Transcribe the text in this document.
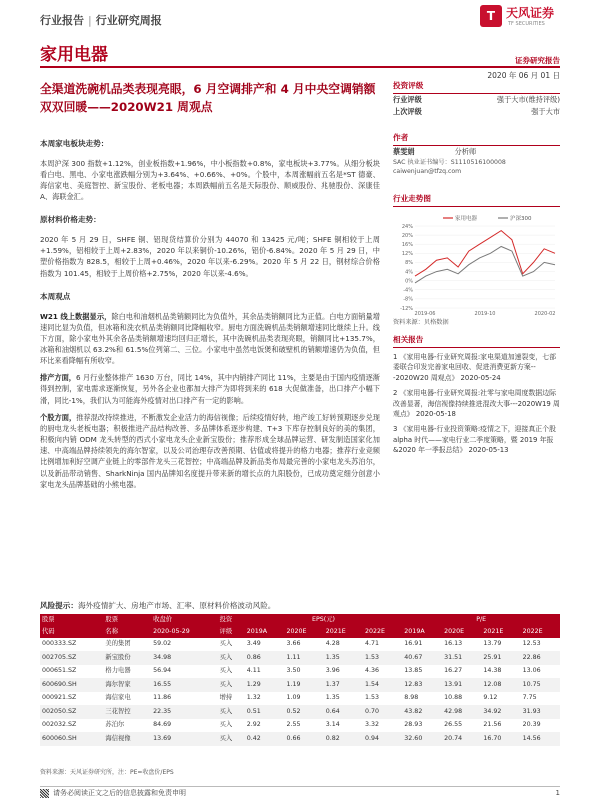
行业报告 | 行业研究周报	T 天风证券
TF SECURITIES
家用电器	证券研究报告
2020 年 06 月 01 日
全渠道洗碗机品类表现亮眼，6 月空调排产和 4 月中央空调销额双双回暖——2020W21 周观点
本周家电板块走势：
本周沪深 300 指数+1.12%，创业板指数+1.96%，中小板指数+0.8%，家电板块+3.77%。从细分板块看白电、黑电、小家电涨跌幅分别为+3.64%、+0.66%、+0%。个股中，本周涨幅前五名是*ST 德豪、海信家电、美庭智控、新宝股份、老板电器；本周跌幅前五名是天际股份、顺威股份、兆驰股份、深康佳 A、海联金汇。
原材料价格走势：
2020 年 5 月 29 日，SHFE 铜、铝现货结算价分别为 44070 和 13425 元/吨；SHFE 铜相较于上周+1.59%，铝相较于上周+2.83%，2020 年以来铜价-10.26%，铝价-6.84%。2020 年 5 月 29 日，中塑价格指数为 828.5，相较于上周+0.46%，2020 年以来-6.29%。2020 年 5 月 22 日，钢材综合价格指数为 101.45，相较于上周价格+2.75%，2020 年以来-4.6%。
本周观点
W21 线上数据显示，除白电和油烟机品类销额同比为负值外，其余品类销额同比为正值。白电方面销量增速同比显为负值，但冰箱和洗衣机品类销额同比降幅收窄。厨电方面洗碗机品类销额增速同比继续上升。线下方面，除小家电外其余各品类销额增速均回归正增长，其中洗碗机品类表现亮眼，销额同比+135.7%，冰箱和油烟机以 63.2%和 61.5%位列第二、三位。小家电中虽然电饭煲和破壁机的销额增速仍为负值，但环比来看降幅有所收窄。
排产方面，6 月行业整体排产 1630 万台，同比 14%，其中内销排产同比 11%，主要是由于国内疫情逐渐得到控制，家电需求逐渐恢复，另外各企业也都加大排产为即将到来的 618 大促做准备，出口排产小幅下滑，同比-1%，我们认为可能海外疫情对出口排产有一定的影响。
个股方面，推荐混改持续推进，不断激发企业活力的海信视像；后续疫情好转，地产竣工好转预期逐步兑现的厨电龙头老板电器；积极推进产品结构改善、多品牌体系逐步构建、T+3 下库存控制良好的美的集团，积极向内销 ODM 龙头转型的西式小家电龙头企业新宝股份；推荐形成全球品牌运营、研发制造国家化加速、中高端品牌持续领先的海尔智家，以及公司治理存改善预期、估值或将提升的格力电器；推荐行业竞频比例增加利好空调产业链上的零部件龙头三花智控；中高端品牌及新品类布局最完善的小家电龙头苏泊尔，以及新品带动销售、SharkNinja 国内品牌知名度提升带来新的增长点的九阳股份，已成功奠定细分创意小家电龙头品牌基础的小熊电器。
投资评级
行业评级	强于大市(维持评级)
上次评级	强于大市
作者
蔡雯娟	分析师
SAC 执业证书编号：S1110516100008
caiwenjuan@tfzq.com
行业走势图
24%
20%
16%
12%
8%
4%
0%
-4%
-8%
-12%
2019-06	2019-10	2020-02
家用电器	沪深300
资料来源：贝格数据
相关报告
1 《家用电器-行业研究周报:家电渠道加速裂变，七部委联合印发完善家电回收、促进消费更新方案---2020W20 周观点》 2020-05-24
2 《家用电器-行业研究周报:社零与家电周度数据边际改善显著，海信视像持续推进混改大事---2020W19 周观点》 2020-05-18
3 《家用电器-行业投资策略:疫情之下，迎接真正个股 alpha 时代——家电行业二季度策略，暨 2019 年报&2020 年一季报总结》 2020-05-13
风险提示：海外疫情扩大、房地产市场、汇率、原材料价格波动风险。
股票	股票	收盘价	投资	EPS(元)				P/E			
代码	名称	2020-05-29	评级	2019A	2020E	2021E	2022E	2019A	2020E	2021E	2022E
000333.SZ	美的集团	59.02	买入	3.49	3.66	4.28	4.71	16.91	16.13	13.79	12.53
002705.SZ	新宝股份	34.98	买入	0.86	1.11	1.35	1.53	40.67	31.51	25.91	22.86
000651.SZ	格力电器	56.94	买入	4.11	3.50	3.96	4.36	13.85	16.27	14.38	13.06
600690.SH	海尔智家	16.55	买入	1.29	1.19	1.37	1.54	12.83	13.91	12.08	10.75
000921.SZ	海信家电	11.86	增持	1.32	1.09	1.35	1.53	8.98	10.88	9.12	7.75
002050.SZ	三花智控	22.35	买入	0.51	0.52	0.64	0.70	43.82	42.98	34.92	31.93
002032.SZ	苏泊尔	84.69	买入	2.92	2.55	3.14	3.32	28.93	26.55	21.56	20.39
600060.SH	海信视像	13.69	买入	0.42	0.66	0.82	0.94	32.60	20.74	16.70	14.56
资料来源：天风证券研究所，注：PE=收盘价/EPS
请务必阅读正文之后的信息披露和免责申明	1
